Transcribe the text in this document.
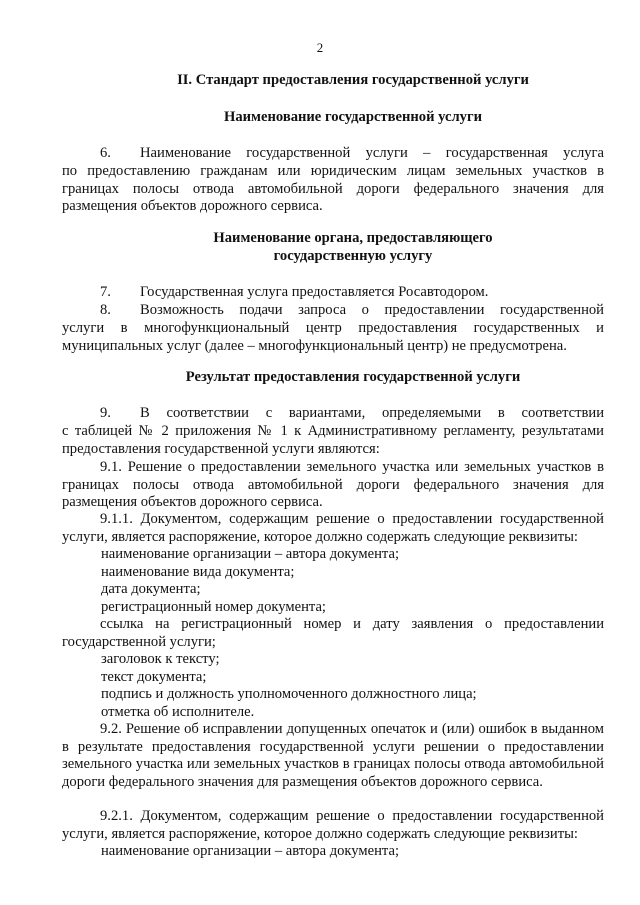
2
II. Стандарт предоставления государственной услуги
Наименование государственной услуги
6. Наименование государственной услуги – государственная услуга
по предоставлению гражданам или юридическим лицам земельных участков в границах полосы отвода автомобильной дороги федерального значения для размещения объектов дорожного сервиса.
Наименование органа, предоставляющего
государственную услугу
7. Государственная услуга предоставляется Росавтодором.
8. Возможность подачи запроса о предоставлении государственной
услуги в многофункциональный центр предоставления государственных и муниципальных услуг (далее – многофункциональный центр) не предусмотрена.
Результат предоставления государственной услуги
9. В соответствии с вариантами, определяемыми в соответствии
с таблицей № 2 приложения № 1 к Административному регламенту, результатами предоставления государственной услуги являются:
9.1. Решение о предоставлении земельного участка или земельных участков в границах полосы отвода автомобильной дороги федерального значения для размещения объектов дорожного сервиса.
9.1.1. Документом, содержащим решение о предоставлении государственной услуги, является распоряжение, которое должно содержать следующие реквизиты:
наименование организации – автора документа;
наименование вида документа;
дата документа;
регистрационный номер документа;
ссылка на регистрационный номер и дату заявления о предоставлении государственной услуги;
заголовок к тексту;
текст документа;
подпись и должность уполномоченного должностного лица;
отметка об исполнителе.
9.2. Решение об исправлении допущенных опечаток и (или) ошибок в выданном в результате предоставления государственной услуги решении о предоставлении земельного участка или земельных участков в границах полосы отвода автомобильной дороги федерального значения для размещения объектов дорожного сервиса.
9.2.1. Документом, содержащим решение о предоставлении государственной услуги, является распоряжение, которое должно содержать следующие реквизиты:
наименование организации – автора документа;
